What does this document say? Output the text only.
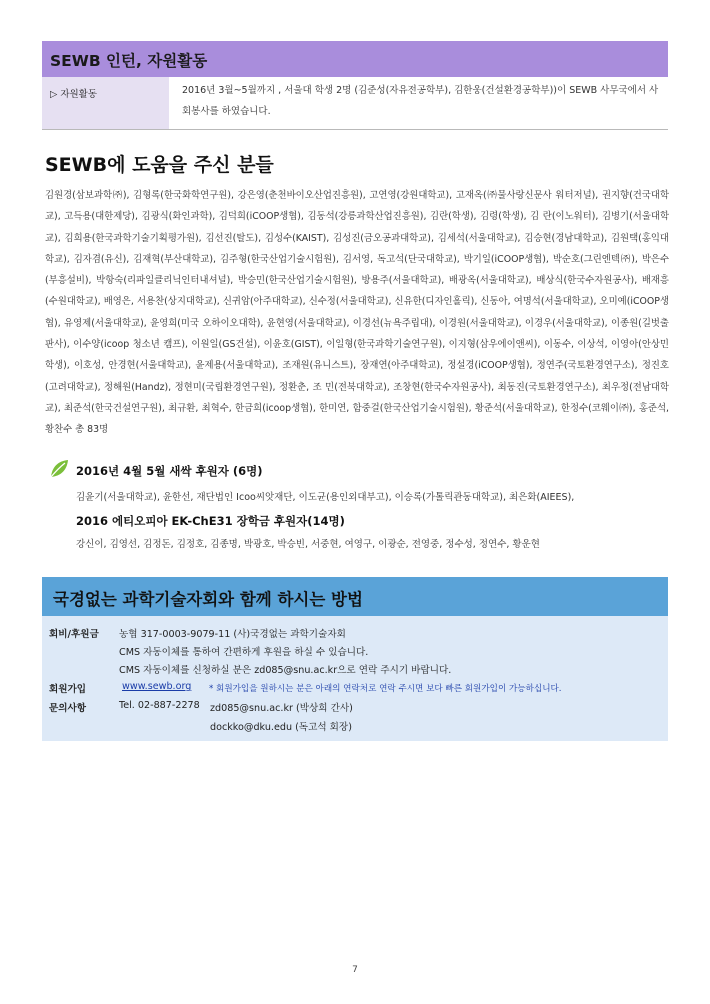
SEWB 인턴, 자원활동
▷ 자원활동	2016년 3월~5월까지 , 서울대 학생 2명 (김준성(자유전공학부), 김한웅(건설환경공학부))이 SEWB 사무국에서 사회봉사를 하였습니다.
SEWB에 도움을 주신 분들
김원경(삼보과학㈜), 김형록(한국화학연구원), 강은영(춘천바이오산업진흥원), 고연영(강원대학교), 고재옥(㈜물사랑신문사 워터저널), 권지향(건국대학교), 고득용(대한제당), 김광식(화인과학), 김덕희(iCOOP생협), 김동석(강릉과학산업진흥원), 김란(학생), 김령(학생), 김 란(이노워터), 김병기(서울대학교), 김희용(한국과학기술기획평가원), 김선진(탈도), 김성수(KAIST), 김성진(금오공과대학교), 김세석(서울대학교), 김승현(경남대학교), 김원택(홍익대학교), 김자겸(유신), 김재혁(부산대학교), 김주형(한국산업기술시험원), 김서영, 독고석(단국대학교), 박기일(iCOOP생협), 박순호(그린엔텍㈜), 박은수(부흥설비), 박항숙(리파일클리닉인터내셔널), 박승민(한국산업기술시험원), 방용주(서울대학교), 배광옥(서울대학교), 배상식(한국수자원공사), 배재흥(수원대학교), 배영은, 서용찬(상지대학교), 신귀암(아주대학교), 신수정(서울대학교), 신유한(디자인홀릭), 신동아, 여명석(서울대학교), 오미예(iCOOP생협), 유영제(서울대학교), 윤영희(미국 오하이오대학), 윤현영(서울대학교), 이경선(뉴욕주립대), 이경원(서울대학교), 이경우(서울대학교), 이종원(길벗출판사), 이수양(icoop 청소년 캠프), 이원일(GS건설), 이윤호(GIST), 이일형(한국과학기술연구원), 이지형(삼우에이앤씨), 이동수, 이상석, 이영아(안상민학생), 이호성, 안경현(서울대학교), 윤제용(서울대학교), 조재원(유니스트), 장재연(아주대학교), 정설경(iCOOP생협), 정연주(국토환경연구소), 정진호(고려대학교), 정해원(Handz), 정현미(국립환경연구원), 정환춘, 조 민(전북대학교), 조창현(한국수자원공사), 최동진(국토환경연구소), 최우정(전남대학교), 최준석(한국건설연구원), 최규환, 최혁수, 한금희(icoop생협), 한미연, 함중걸(한국산업기술시험원), 황준석(서울대학교), 한정수(코웨이㈜), 홍준석, 황찬수 총 83명
2016년 4월 5월 새싹 후원자 (6명)
김윤기(서울대학교), 윤한선, 재단법인 Icoo씨앗재단, 이도균(용인외대부고), 이승록(가톨릭관동대학교), 최은화(AIEES),
2016 에티오피아 EK-ChE31 장학금 후원자(14명)
강신이, 김영선, 김정돈, 김정호, 김종명, 박광호, 박승빈, 서중현, 여영구, 이광순, 전영중, 정수성, 정연수, 황운현
국경없는 과학기술자회와 함께 하시는 방법
회비/후원금 농협 317-0003-9079-11 (사)국경없는 과학기술자회
CMS 자동이체를 통하여 간편하게 후원을 하실 수 있습니다.
CMS 자동이체를 신청하실 분은 zd085@snu.ac.kr으로 연락 주시기 바랍니다.
회원가입	www.sewb.org * 회원가입을 원하시는 분은 아래의 연락처로 연락 주시면 보다 빠른 회원가입이 가능하십니다.
문의사항	Tel. 02-887-2278 zd085@snu.ac.kr (박상희 간사)
dockko@dku.edu (독고석 회장)
7
